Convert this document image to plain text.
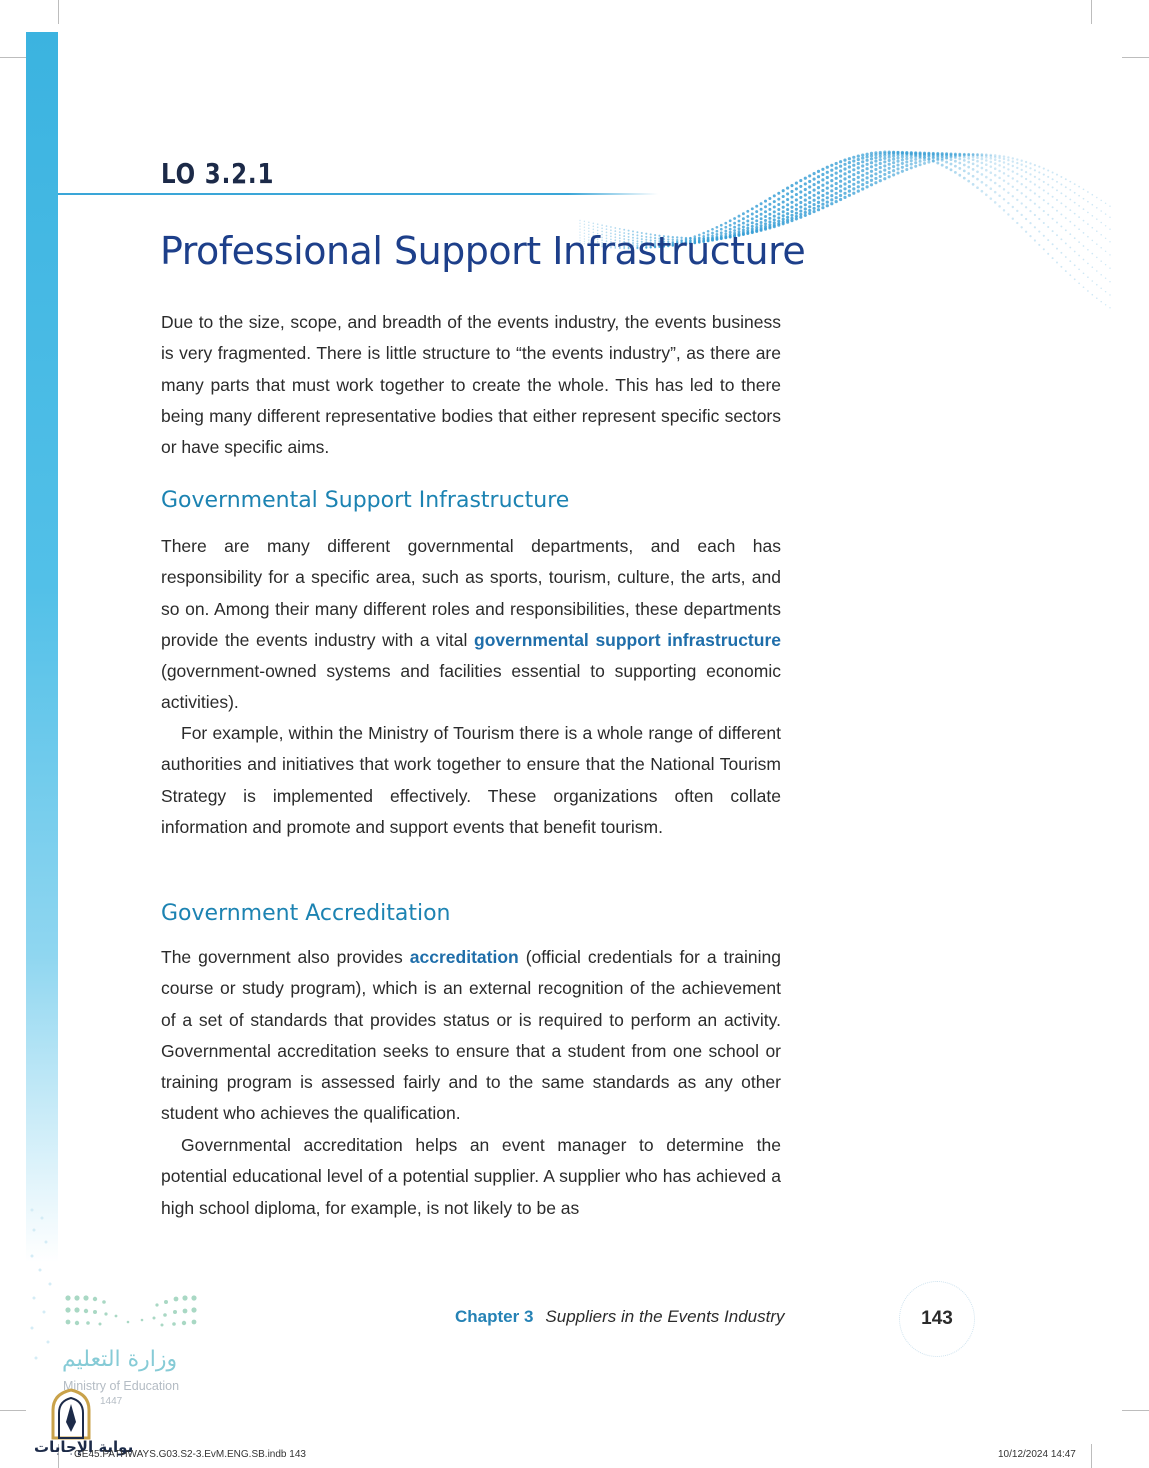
LO 3.2.1
Professional Support Infrastructure

Due to the size, scope, and breadth of the events industry, the events business is very fragmented. There is little structure to “the events industry”, as there are many parts that must work together to create the whole. This has led to there being many different representative bodies that either represent specific sectors or have specific aims.

Governmental Support Infrastructure

There are many different governmental departments, and each has responsibility for a specific area, such as sports, tourism, culture, the arts, and so on. Among their many different roles and responsibilities, these departments provide the events industry with a vital governmental support infrastructure (government-owned systems and facilities essential to supporting economic activities).

For example, within the Ministry of Tourism there is a whole range of different authorities and initiatives that work together to ensure that the National Tourism Strategy is implemented effectively. These organizations often collate information and promote and support events that benefit tourism.

Government Accreditation

The government also provides accreditation (official credentials for a training course or study program), which is an external recognition of the achievement of a set of standards that provides status or is required to perform an activity. Governmental accreditation seeks to ensure that a student from one school or training program is assessed fairly and to the same standards as any other student who achieves the qualification.

Governmental accreditation helps an event manager to determine the potential educational level of a potential supplier. A supplier who has achieved a high school diploma, for example, is not likely to be as

Chapter 3 Suppliers in the Events Industry	143
وزارة التعليم
Ministry of Education
1447
بوابة الإجابات
GE45.PATHWAYS.G03.S2-3.EvM.ENG.SB.indb 143	10/12/2024 14:47
